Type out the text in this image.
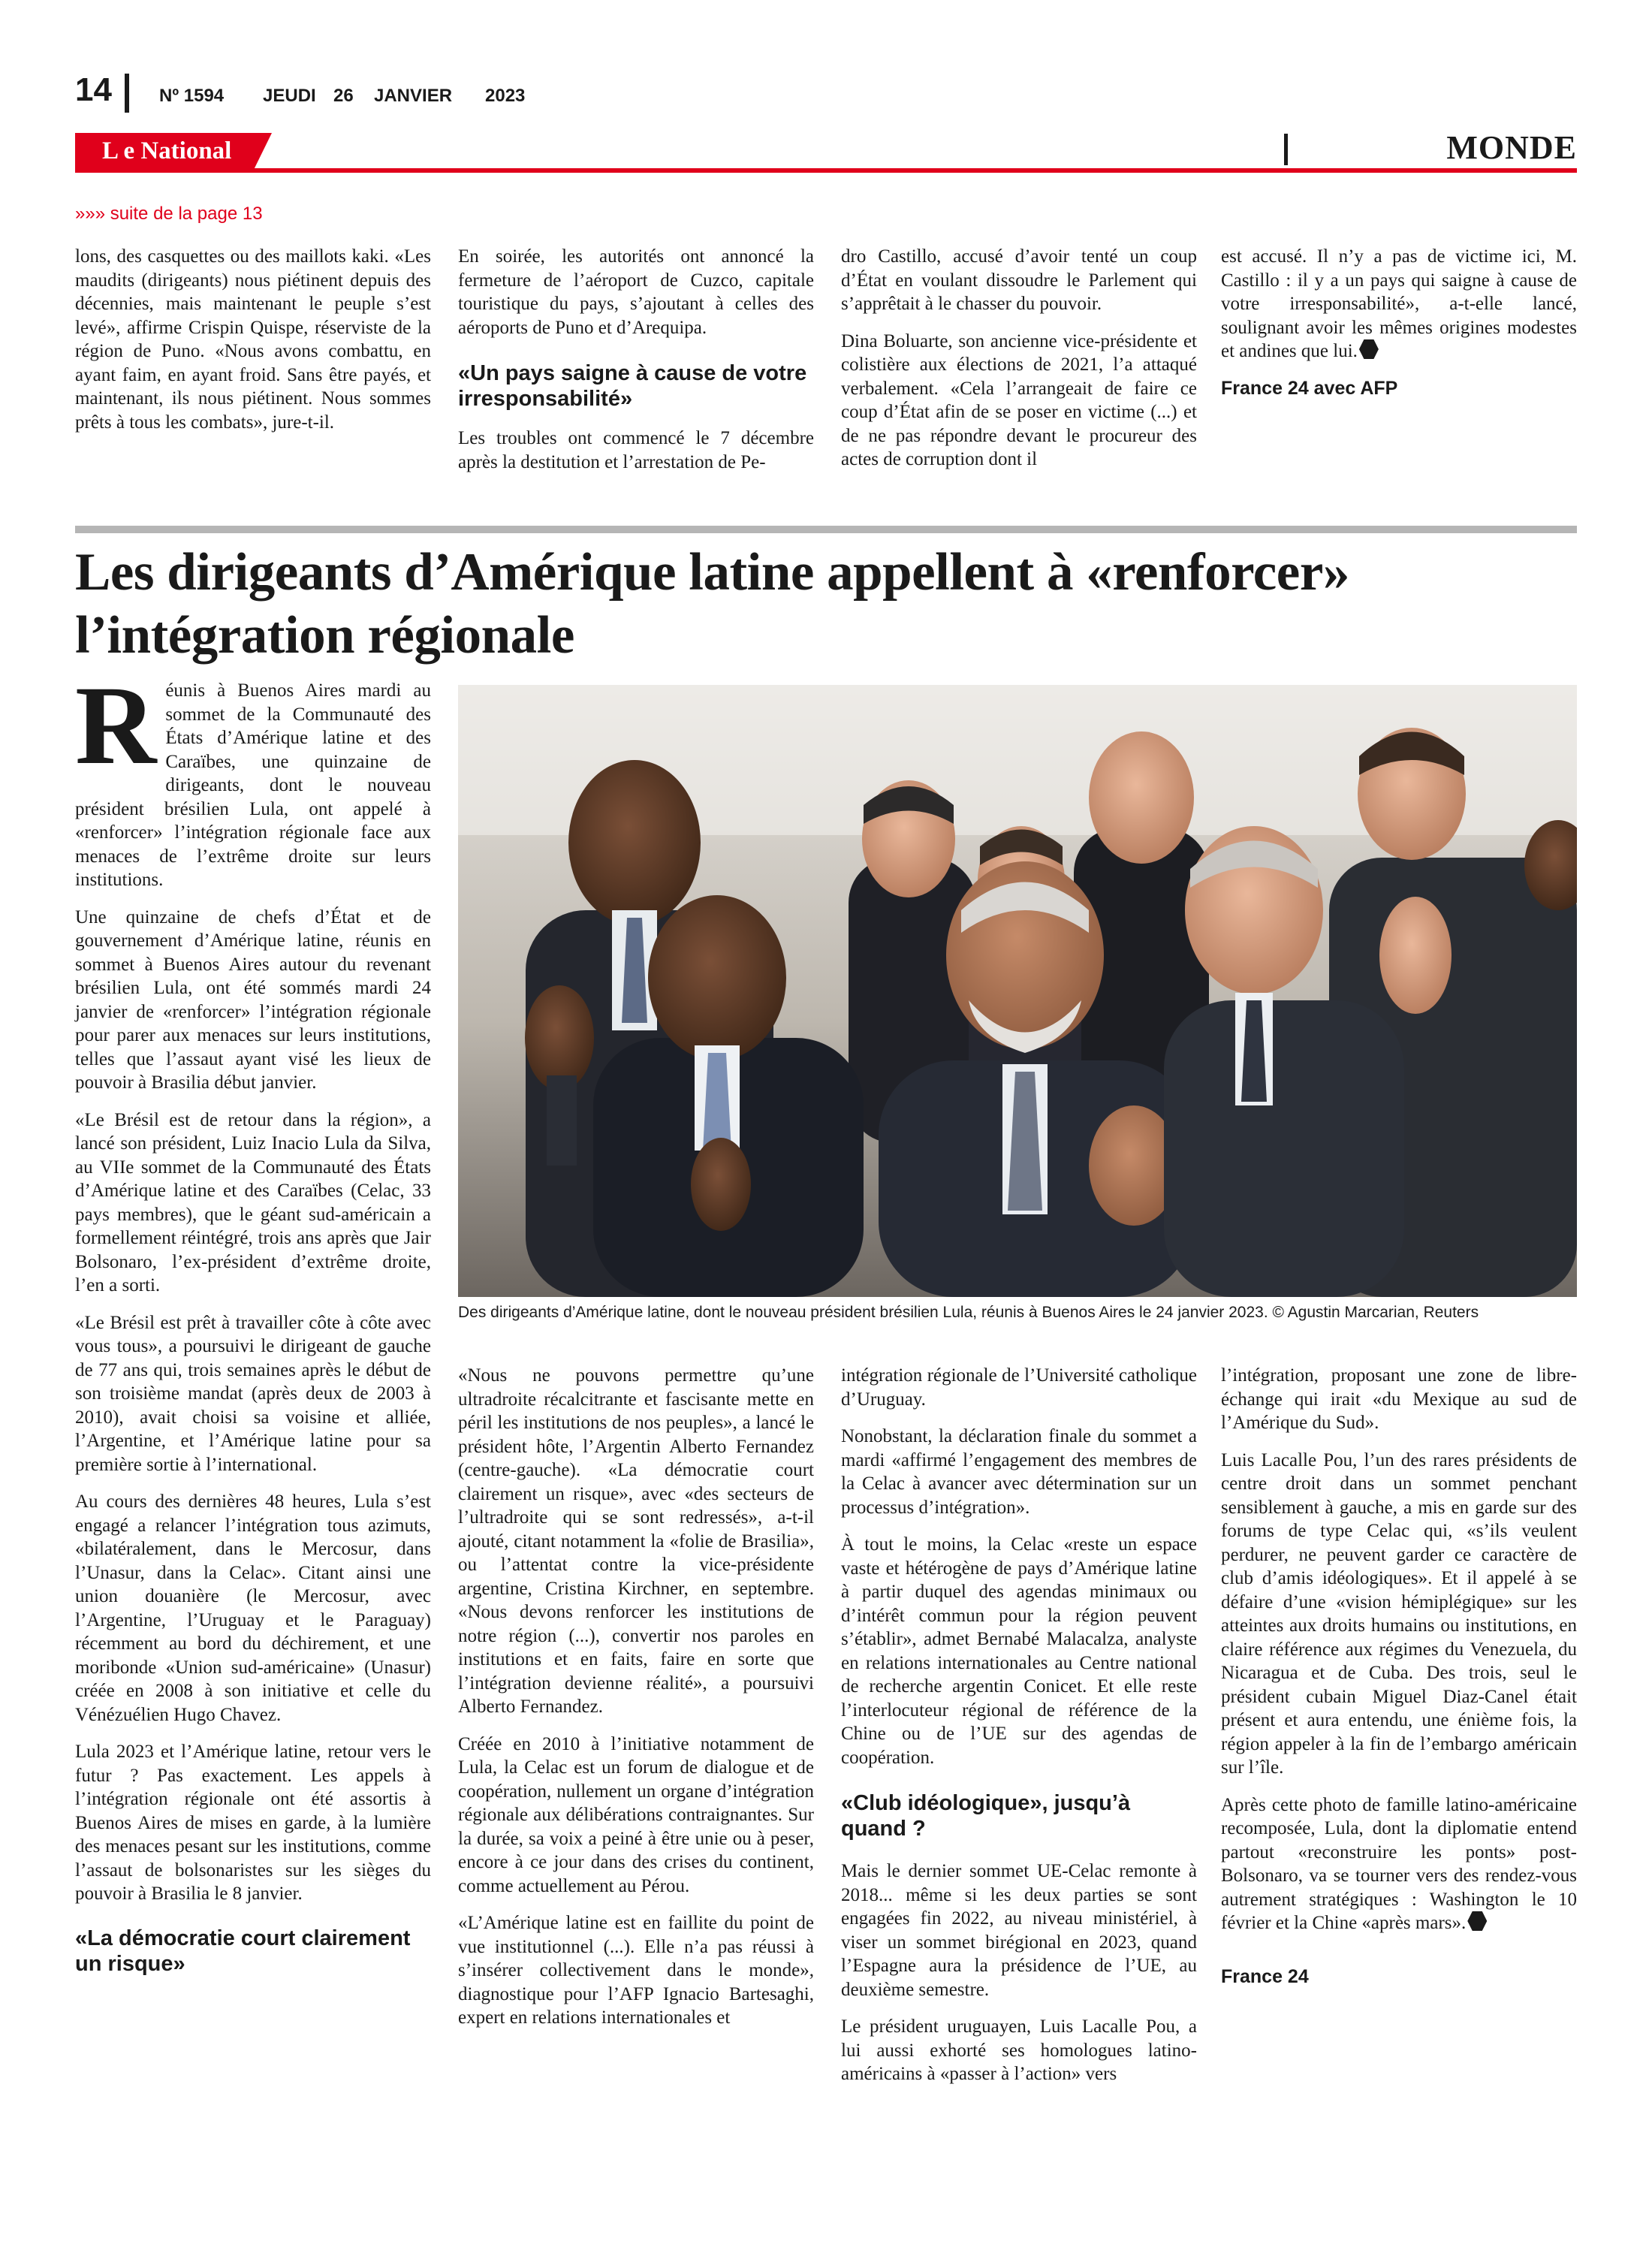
14	Nº 1594 JEUDI 26 JANVIER 2023
L e National	MONDE
»»» suite de la page 13

lons, des casquettes ou des maillots kaki. «Les maudits (dirigeants) nous piétinent depuis des décennies, mais maintenant le peuple s’est levé», affirme Crispin Quispe, réserviste de la région de Puno. «Nous avons combattu, en ayant faim, en ayant froid. Sans être payés, et maintenant, ils nous piétinent. Nous sommes prêts à tous les combats», jure-t-il.

En soirée, les autorités ont annoncé la fermeture de l’aéroport de Cuzco, capitale touristique du pays, s’ajoutant à celles des aéroports de Puno et d’Arequipa.

«Un pays saigne à cause de votre irresponsabilité»

Les troubles ont commencé le 7 décembre après la destitution et l’arrestation de Pe-

dro Castillo, accusé d’avoir tenté un coup d’État en voulant dissoudre le Parlement qui s’apprêtait à le chasser du pouvoir.

Dina Boluarte, son ancienne vice-présidente et colistière aux élections de 2021, l’a attaqué verbalement. «Cela l’arrangeait de faire ce coup d’État afin de se poser en victime (...) et de ne pas répondre devant le procureur des actes de corruption dont il

est accusé. Il n’y a pas de victime ici, M. Castillo : il y a un pays qui saigne à cause de votre irresponsabilité», a-t-elle lancé, soulignant avoir les mêmes origines modestes et andines que lui.

France 24 avec AFP

Les dirigeants d’Amérique latine appellent à «renforcer» l’intégration régionale

Réunis à Buenos Aires mardi au sommet de la Communauté des États d’Amérique latine et des Caraïbes, une quinzaine de dirigeants, dont le nouveau président brésilien Lula, ont appelé à «renforcer» l’intégration régionale face aux menaces de l’extrême droite sur leurs institutions.

Une quinzaine de chefs d’État et de gouvernement d’Amérique latine, réunis en sommet à Buenos Aires autour du revenant brésilien Lula, ont été sommés mardi 24 janvier de «renforcer» l’intégration régionale pour parer aux menaces sur leurs institutions, telles que l’assaut ayant visé les lieux de pouvoir à Brasilia début janvier.

«Le Brésil est de retour dans la région», a lancé son président, Luiz Inacio Lula da Silva, au VIIe sommet de la Communauté des États d’Amérique latine et des Caraïbes (Celac, 33 pays membres), que le géant sud-américain a formellement réintégré, trois ans après que Jair Bolsonaro, l’ex-président d’extrême droite, l’en a sorti.

«Le Brésil est prêt à travailler côte à côte avec vous tous», a poursuivi le dirigeant de gauche de 77 ans qui, trois semaines après le début de son troisième mandat (après deux de 2003 à 2010), avait choisi sa voisine et alliée, l’Argentine, et l’Amérique latine pour sa première sortie à l’international.

Au cours des dernières 48 heures, Lula s’est engagé a relancer l’intégration tous azimuts, «bilatéralement, dans le Mercosur, dans l’Unasur, dans la Celac». Citant ainsi une union douanière (le Mercosur, avec l’Argentine, l’Uruguay et le Paraguay) récemment au bord du déchirement, et une moribonde «Union sud-américaine» (Unasur) créée en 2008 à son initiative et celle du Vénézuélien Hugo Chavez.

Lula 2023 et l’Amérique latine, retour vers le futur ? Pas exactement. Les appels à l’intégration régionale ont été assortis à Buenos Aires de mises en garde, à la lumière des menaces pesant sur les institutions, comme l’assaut de bolsonaristes sur les sièges du pouvoir à Brasilia le 8 janvier.

«La démocratie court clairement un risque»

Des dirigeants d’Amérique latine, dont le nouveau président brésilien Lula, réunis à Buenos Aires le 24 janvier 2023. © Agustin Marcarian, Reuters

«Nous ne pouvons permettre qu’une ultradroite récalcitrante et fascisante mette en péril les institutions de nos peuples», a lancé le président hôte, l’Argentin Alberto Fernandez (centre-gauche). «La démocratie court clairement un risque», avec «des secteurs de l’ultradroite qui se sont redressés», a-t-il ajouté, citant notamment la «folie de Brasilia», ou l’attentat contre la vice-présidente argentine, Cristina Kirchner, en septembre. «Nous devons renforcer les institutions de notre région (...), convertir nos paroles en institutions et en faits, faire en sorte que l’intégration devienne réalité», a poursuivi Alberto Fernandez.

Créée en 2010 à l’initiative notamment de Lula, la Celac est un forum de dialogue et de coopération, nullement un organe d’intégration régionale aux délibérations contraignantes. Sur la durée, sa voix a peiné à être unie ou à peser, encore à ce jour dans des crises du continent, comme actuellement au Pérou.

«L’Amérique latine est en faillite du point de vue institutionnel (...). Elle n’a pas réussi à s’insérer collectivement dans le monde», diagnostique pour l’AFP Ignacio Bartesaghi, expert en relations internationales et

intégration régionale de l’Université catholique d’Uruguay.

Nonobstant, la déclaration finale du sommet a mardi «affirmé l’engagement des membres de la Celac à avancer avec détermination sur un processus d’intégration».

À tout le moins, la Celac «reste un espace vaste et hétérogène de pays d’Amérique latine à partir duquel des agendas minimaux ou d’intérêt commun pour la région peuvent s’établir», admet Bernabé Malacalza, analyste en relations internationales au Centre national de recherche argentin Conicet. Et elle reste l’interlocuteur régional de référence de la Chine ou de l’UE sur des agendas de coopération.

«Club idéologique», jusqu’à quand ?

Mais le dernier sommet UE-Celac remonte à 2018... même si les deux parties se sont engagées fin 2022, au niveau ministériel, à viser un sommet birégional en 2023, quand l’Espagne aura la présidence de l’UE, au deuxième semestre.

Le président uruguayen, Luis Lacalle Pou, a lui aussi exhorté ses homologues latino-américains à «passer à l’action» vers

l’intégration, proposant une zone de libre-échange qui irait «du Mexique au sud de l’Amérique du Sud».

Luis Lacalle Pou, l’un des rares présidents de centre droit dans un sommet penchant sensiblement à gauche, a mis en garde sur des forums de type Celac qui, «s’ils veulent perdurer, ne peuvent garder ce caractère de club d’amis idéologiques». Et il appelé à se défaire d’une «vision hémiplégique» sur les atteintes aux droits humains ou institutions, en claire référence aux régimes du Venezuela, du Nicaragua et de Cuba. Des trois, seul le président cubain Miguel Diaz-Canel était présent et aura entendu, une énième fois, la région appeler à la fin de l’embargo américain sur l’île.

Après cette photo de famille latino-américaine recomposée, Lula, dont la diplomatie entend partout «reconstruire les ponts» post-Bolsonaro, va se tourner vers des rendez-vous autrement stratégiques : Washington le 10 février et la Chine «après mars».

France 24
